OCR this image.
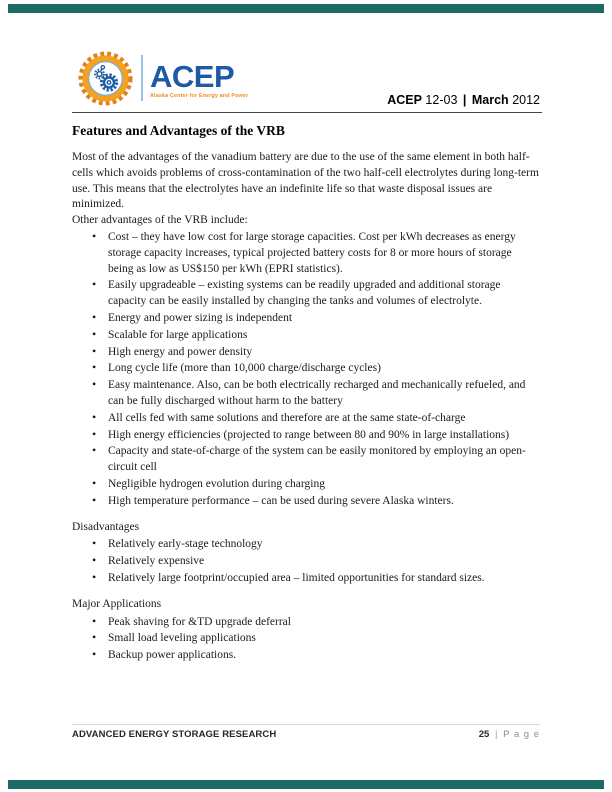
ACEP
Alaska Center for Energy and Power	ACEP 12-03 | March 2012
Features and Advantages of the VRB

Most of the advantages of the vanadium battery are due to the use of the same element in both half-cells which avoids problems of cross-contamination of the two half-cell electrolytes during long-term use. This means that the electrolytes have an indefinite life so that waste disposal issues are minimized.

Other advantages of the VRB include:

• Cost – they have low cost for large storage capacities. Cost per kWh decreases as energy storage capacity increases, typical projected battery costs for 8 or more hours of storage being as low as US$150 per kWh (EPRI statistics).
• Easily upgradeable – existing systems can be readily upgraded and additional storage capacity can be easily installed by changing the tanks and volumes of electrolyte.
• Energy and power sizing is independent
• Scalable for large applications
• High energy and power density
• Long cycle life (more than 10,000 charge/discharge cycles)
• Easy maintenance. Also, can be both electrically recharged and mechanically refueled, and can be fully discharged without harm to the battery
• All cells fed with same solutions and therefore are at the same state-of-charge
• High energy efficiencies (projected to range between 80 and 90% in large installations)
• Capacity and state-of-charge of the system can be easily monitored by employing an open-circuit cell
• Negligible hydrogen evolution during charging
• High temperature performance – can be used during severe Alaska winters.

Disadvantages

• Relatively early-stage technology
• Relatively expensive
• Relatively large footprint/occupied area – limited opportunities for standard sizes.

Major Applications

• Peak shaving for &TD upgrade deferral
• Small load leveling applications
• Backup power applications.
ADVANCED ENERGY STORAGE RESEARCH	25 | P a g e
